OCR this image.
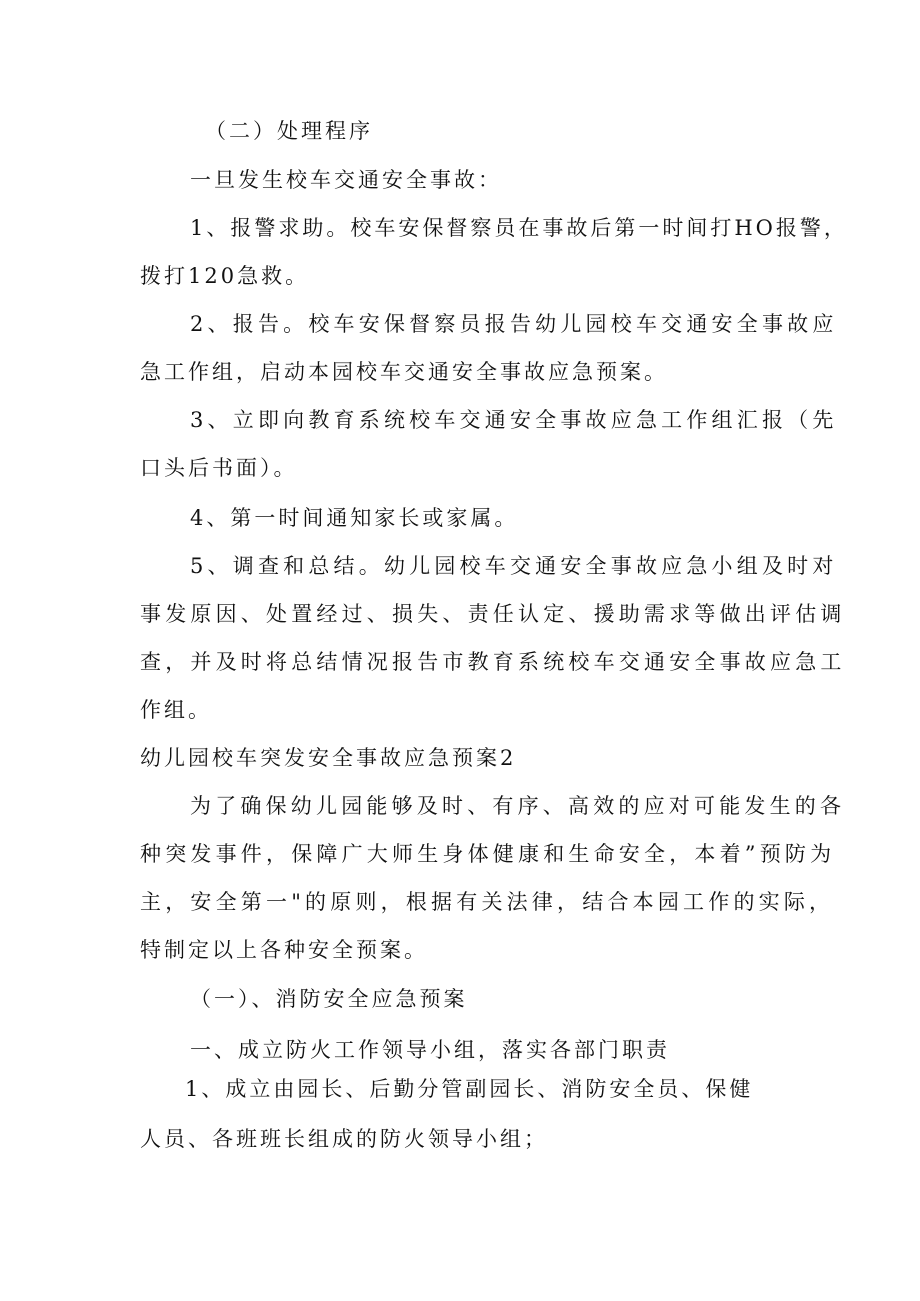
（二）处理程序
一旦发生校车交通安全事故：
1、报警求助。校车安保督察员在事故后第一时间打HO报警，
拨打120急救。
2、报告。校车安保督察员报告幼儿园校车交通安全事故应
急工作组，启动本园校车交通安全事故应急预案。
3、立即向教育系统校车交通安全事故应急工作组汇报（先
口头后书面）。
4、第一时间通知家长或家属。
5、调查和总结。幼儿园校车交通安全事故应急小组及时对
事发原因、处置经过、损失、责任认定、援助需求等做出评估调
查，并及时将总结情况报告市教育系统校车交通安全事故应急工
作组。
幼儿园校车突发安全事故应急预案2
为了确保幼儿园能够及时、有序、高效的应对可能发生的各
种突发事件，保障广大师生身体健康和生命安全，本着”预防为
主，安全第一"的原则，根据有关法律，结合本园工作的实际，
特制定以上各种安全预案。
（一）、消防安全应急预案
一、成立防火工作领导小组，落实各部门职责
1、成立由园长、后勤分管副园长、消防安全员、保健
人员、各班班长组成的防火领导小组；
